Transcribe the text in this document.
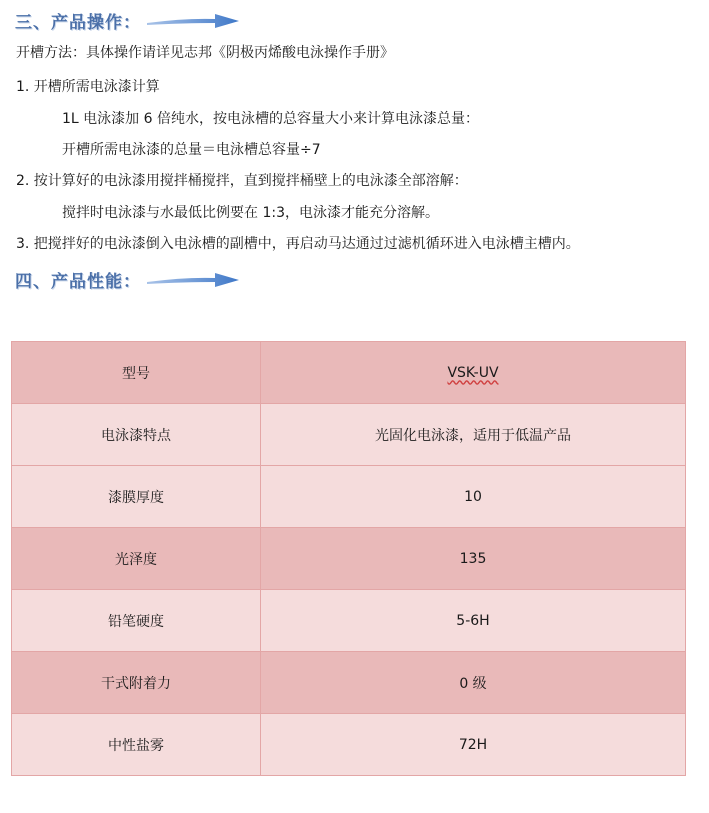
三、产品操作：
开槽方法：具体操作请详见志邦《阴极丙烯酸电泳操作手册》
1. 开槽所需电泳漆计算
1L 电泳漆加 6 倍纯水，按电泳槽的总容量大小来计算电泳漆总量：
开槽所需电泳漆的总量＝电泳槽总容量÷7
2. 按计算好的电泳漆用搅拌桶搅拌，直到搅拌桶壁上的电泳漆全部溶解：
搅拌时电泳漆与水最低比例要在 1:3，电泳漆才能充分溶解。
3. 把搅拌好的电泳漆倒入电泳槽的副槽中，再启动马达通过过滤机循环进入电泳槽主槽内。
四、产品性能：
型号	VSK-UV
电泳漆特点	光固化电泳漆，适用于低温产品
漆膜厚度	10
光泽度	135
铅笔硬度	5-6H
干式附着力	0 级
中性盐雾	72H
